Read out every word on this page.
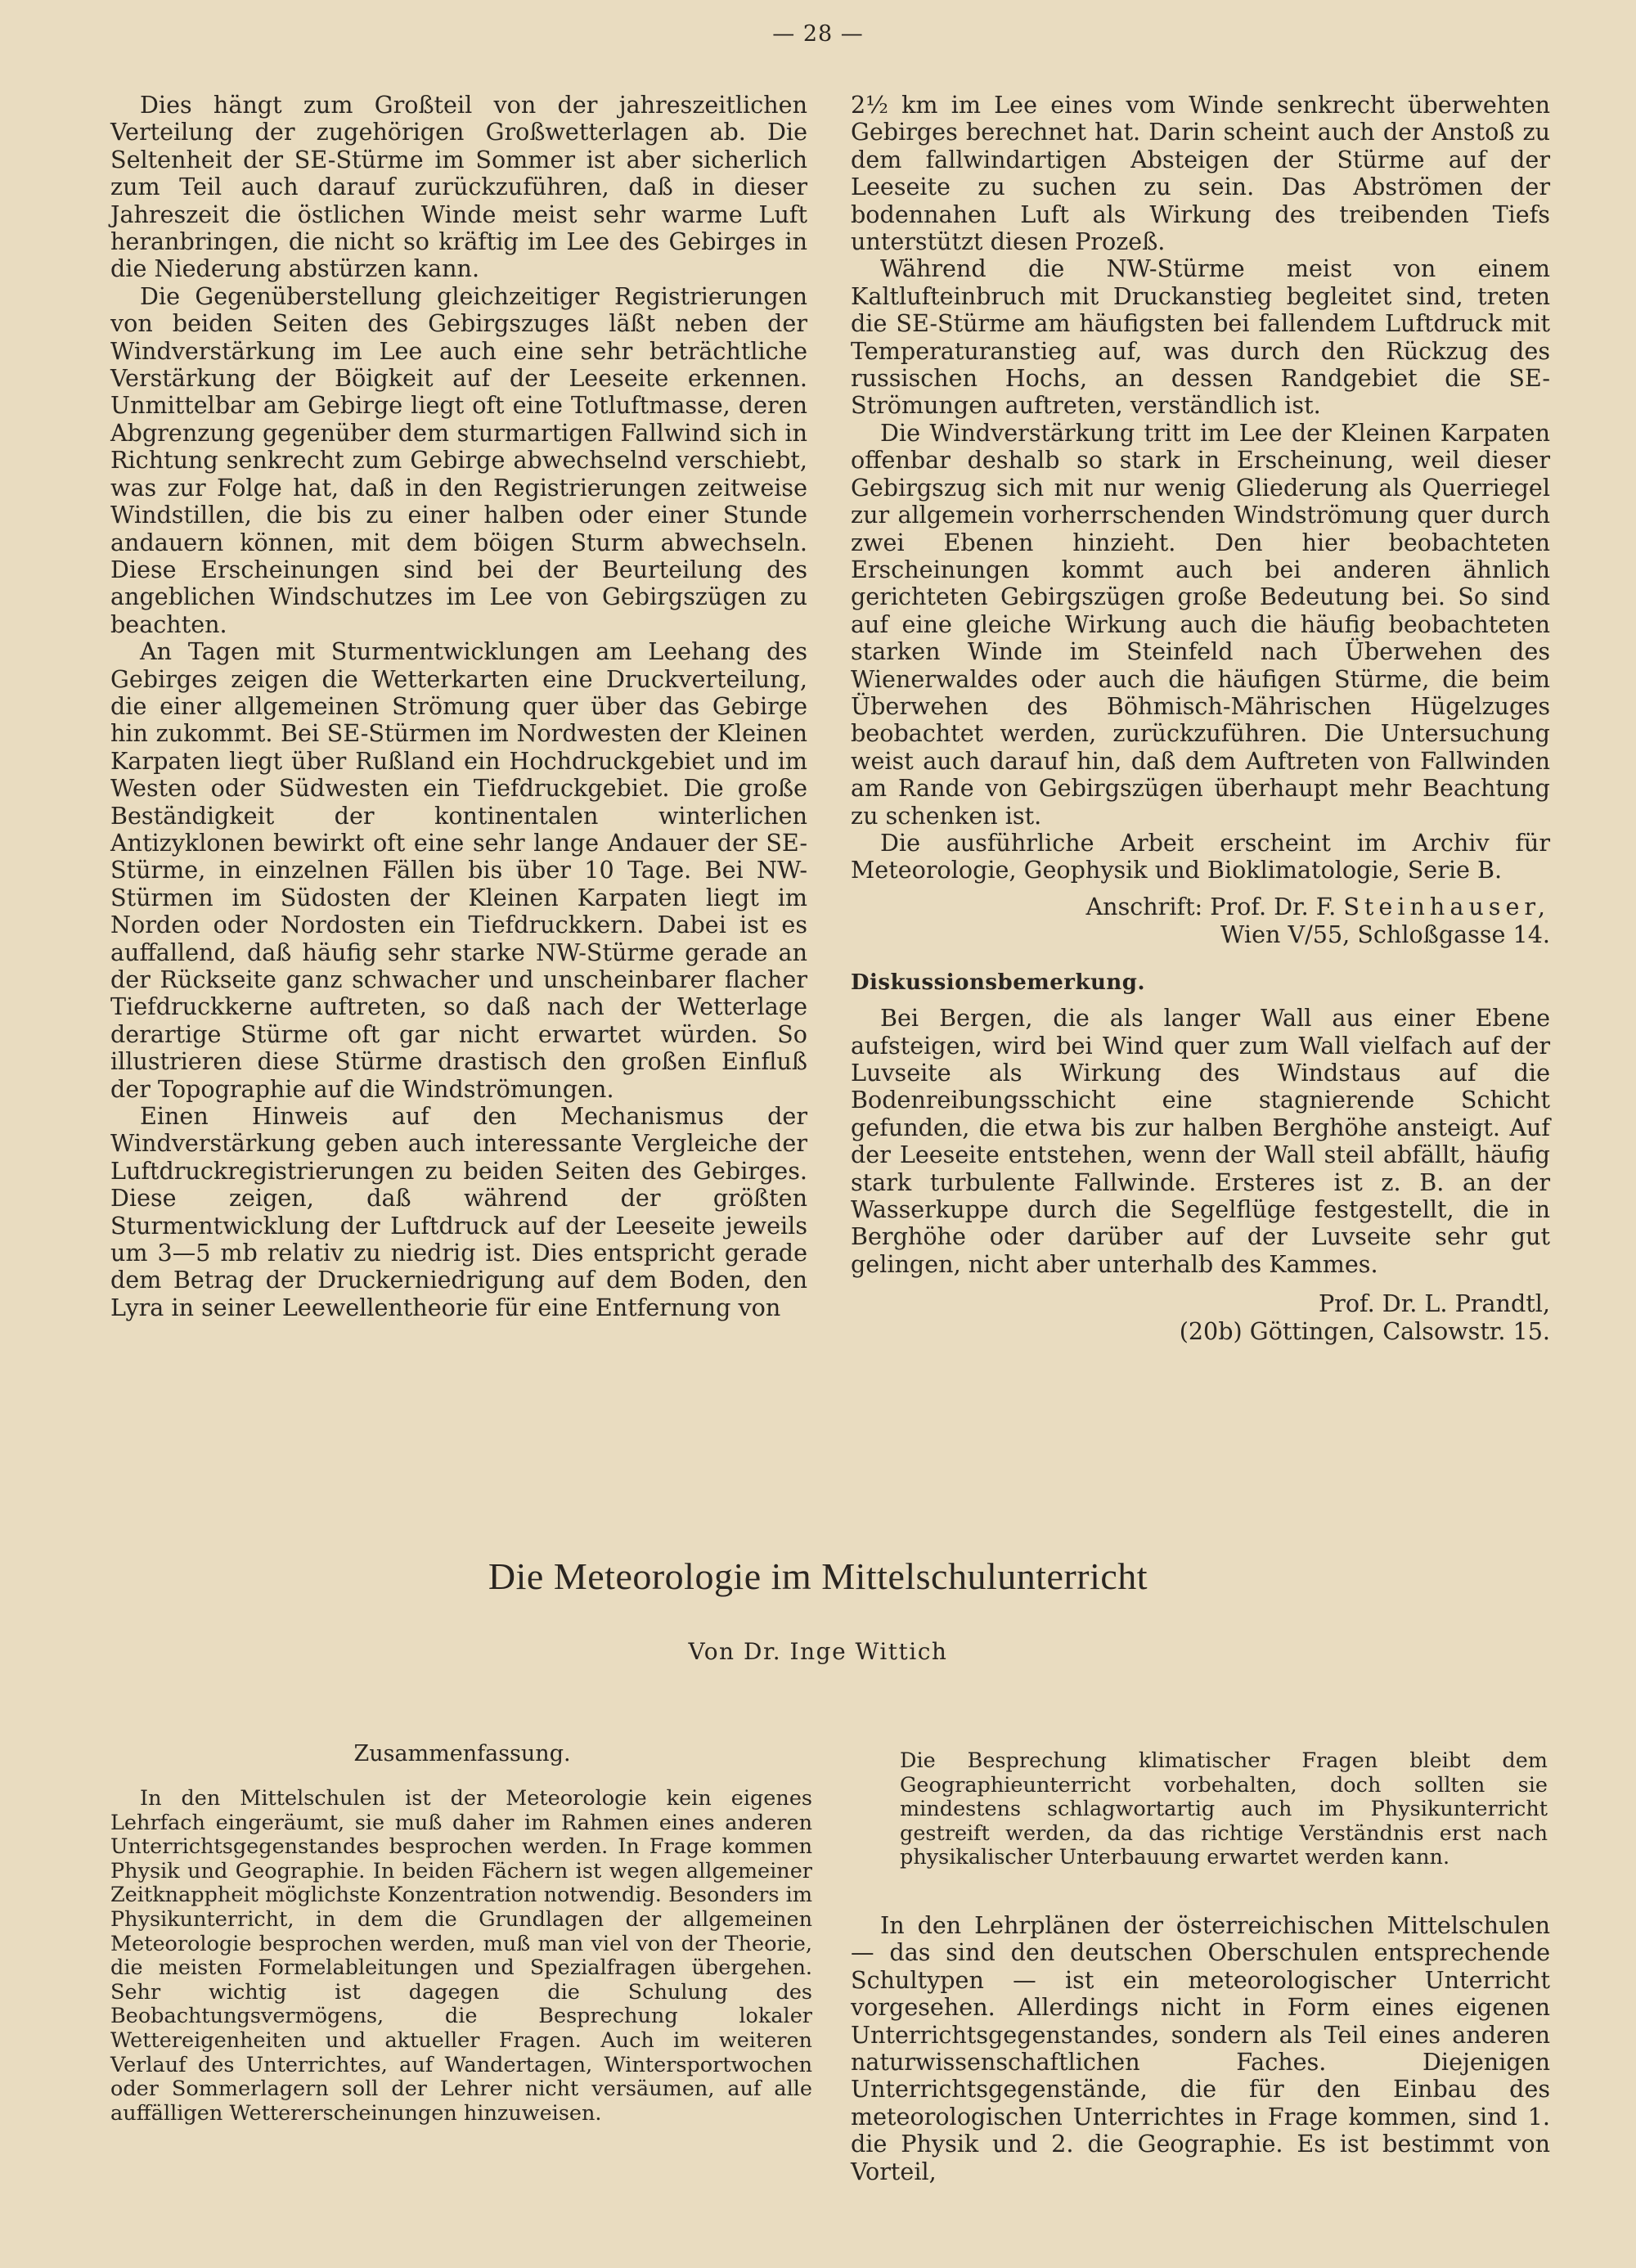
— 28 —

Dies hängt zum Großteil von der jahreszeitlichen Verteilung der zugehörigen Großwetterlagen ab. Die Seltenheit der SE-Stürme im Sommer ist aber sicherlich zum Teil auch darauf zurückzuführen, daß in dieser Jahreszeit die östlichen Winde meist sehr warme Luft heranbringen, die nicht so kräftig im Lee des Gebirges in die Niederung abstürzen kann.

Die Gegenüberstellung gleichzeitiger Registrierungen von beiden Seiten des Gebirgszuges läßt neben der Windverstärkung im Lee auch eine sehr beträchtliche Verstärkung der Böigkeit auf der Leeseite erkennen. Unmittelbar am Gebirge liegt oft eine Totluftmasse, deren Abgrenzung gegenüber dem sturmartigen Fallwind sich in Richtung senkrecht zum Gebirge abwechselnd verschiebt, was zur Folge hat, daß in den Registrierungen zeitweise Windstillen, die bis zu einer halben oder einer Stunde andauern können, mit dem böigen Sturm abwechseln. Diese Erscheinungen sind bei der Beurteilung des angeblichen Windschutzes im Lee von Gebirgszügen zu beachten.

An Tagen mit Sturmentwicklungen am Leehang des Gebirges zeigen die Wetterkarten eine Druckverteilung, die einer allgemeinen Strömung quer über das Gebirge hin zukommt. Bei SE-Stürmen im Nordwesten der Kleinen Karpaten liegt über Rußland ein Hochdruckgebiet und im Westen oder Südwesten ein Tiefdruckgebiet. Die große Beständigkeit der kontinentalen winterlichen Antizyklonen bewirkt oft eine sehr lange Andauer der SE-Stürme, in einzelnen Fällen bis über 10 Tage. Bei NW-Stürmen im Südosten der Kleinen Karpaten liegt im Norden oder Nordosten ein Tiefdruckkern. Dabei ist es auffallend, daß häufig sehr starke NW-Stürme gerade an der Rückseite ganz schwacher und unscheinbarer flacher Tiefdruckkerne auftreten, so daß nach der Wetterlage derartige Stürme oft gar nicht erwartet würden. So illustrieren diese Stürme drastisch den großen Einfluß der Topographie auf die Windströmungen.

Einen Hinweis auf den Mechanismus der Windverstärkung geben auch interessante Vergleiche der Luftdruckregistrierungen zu beiden Seiten des Gebirges. Diese zeigen, daß während der größten Sturmentwicklung der Luftdruck auf der Leeseite jeweils um 3—5 mb relativ zu niedrig ist. Dies entspricht gerade dem Betrag der Druckerniedrigung auf dem Boden, den Lyra in seiner Leewellentheorie für eine Entfernung von

2½ km im Lee eines vom Winde senkrecht überwehten Gebirges berechnet hat. Darin scheint auch der Anstoß zu dem fallwindartigen Absteigen der Stürme auf der Leeseite zu suchen zu sein. Das Abströmen der bodennahen Luft als Wirkung des treibenden Tiefs unterstützt diesen Prozeß.

Während die NW-Stürme meist von einem Kaltlufteinbruch mit Druckanstieg begleitet sind, treten die SE-Stürme am häufigsten bei fallendem Luftdruck mit Temperaturanstieg auf, was durch den Rückzug des russischen Hochs, an dessen Randgebiet die SE-Strömungen auftreten, verständlich ist.

Die Windverstärkung tritt im Lee der Kleinen Karpaten offenbar deshalb so stark in Erscheinung, weil dieser Gebirgszug sich mit nur wenig Gliederung als Querriegel zur allgemein vorherrschenden Windströmung quer durch zwei Ebenen hinzieht. Den hier beobachteten Erscheinungen kommt auch bei anderen ähnlich gerichteten Gebirgszügen große Bedeutung bei. So sind auf eine gleiche Wirkung auch die häufig beobachteten starken Winde im Steinfeld nach Überwehen des Wienerwaldes oder auch die häufigen Stürme, die beim Überwehen des Böhmisch-Mährischen Hügelzuges beobachtet werden, zurückzuführen. Die Untersuchung weist auch darauf hin, daß dem Auftreten von Fallwinden am Rande von Gebirgszügen überhaupt mehr Beachtung zu schenken ist.

Die ausführliche Arbeit erscheint im Archiv für Meteorologie, Geophysik und Bioklimatologie, Serie B.

Anschrift: Prof. Dr. F. Steinhauser,
Wien V/55, Schloßgasse 14.
Diskussionsbemerkung.

Bei Bergen, die als langer Wall aus einer Ebene aufsteigen, wird bei Wind quer zum Wall vielfach auf der Luvseite als Wirkung des Windstaus auf die Bodenreibungsschicht eine stagnierende Schicht gefunden, die etwa bis zur halben Berghöhe ansteigt. Auf der Leeseite entstehen, wenn der Wall steil abfällt, häufig stark turbulente Fallwinde. Ersteres ist z. B. an der Wasserkuppe durch die Segelflüge festgestellt, die in Berghöhe oder darüber auf der Luvseite sehr gut gelingen, nicht aber unterhalb des Kammes.

Prof. Dr. L. Prandtl,
(20b) Göttingen, Calsowstr. 15.
Die Meteorologie im Mittelschulunterricht
Von Dr. Inge Wittich
Zusammenfassung.

In den Mittelschulen ist der Meteorologie kein eigenes Lehrfach eingeräumt, sie muß daher im Rahmen eines anderen Unterrichtsgegenstandes besprochen werden. In Frage kommen Physik und Geographie. In beiden Fächern ist wegen allgemeiner Zeitknappheit möglichste Konzentration notwendig. Besonders im Physikunterricht, in dem die Grundlagen der allgemeinen Meteorologie besprochen werden, muß man viel von der Theorie, die meisten Formelableitungen und Spezialfragen übergehen. Sehr wichtig ist dagegen die Schulung des Beobachtungsvermögens, die Besprechung lokaler Wettereigenheiten und aktueller Fragen. Auch im weiteren Verlauf des Unterrichtes, auf Wandertagen, Wintersportwochen oder Sommerlagern soll der Lehrer nicht versäumen, auf alle auffälligen Wettererscheinungen hinzuweisen.

Die Besprechung klimatischer Fragen bleibt dem Geographieunterricht vorbehalten, doch sollten sie mindestens schlagwortartig auch im Physikunterricht gestreift werden, da das richtige Verständnis erst nach physikalischer Unterbauung erwartet werden kann.

In den Lehrplänen der österreichischen Mittelschulen — das sind den deutschen Oberschulen entsprechende Schultypen — ist ein meteorologischer Unterricht vorgesehen. Allerdings nicht in Form eines eigenen Unterrichtsgegenstandes, sondern als Teil eines anderen naturwissenschaftlichen Faches. Diejenigen Unterrichtsgegenstände, die für den Einbau des meteorologischen Unterrichtes in Frage kommen, sind 1. die Physik und 2. die Geographie. Es ist bestimmt von Vorteil,
